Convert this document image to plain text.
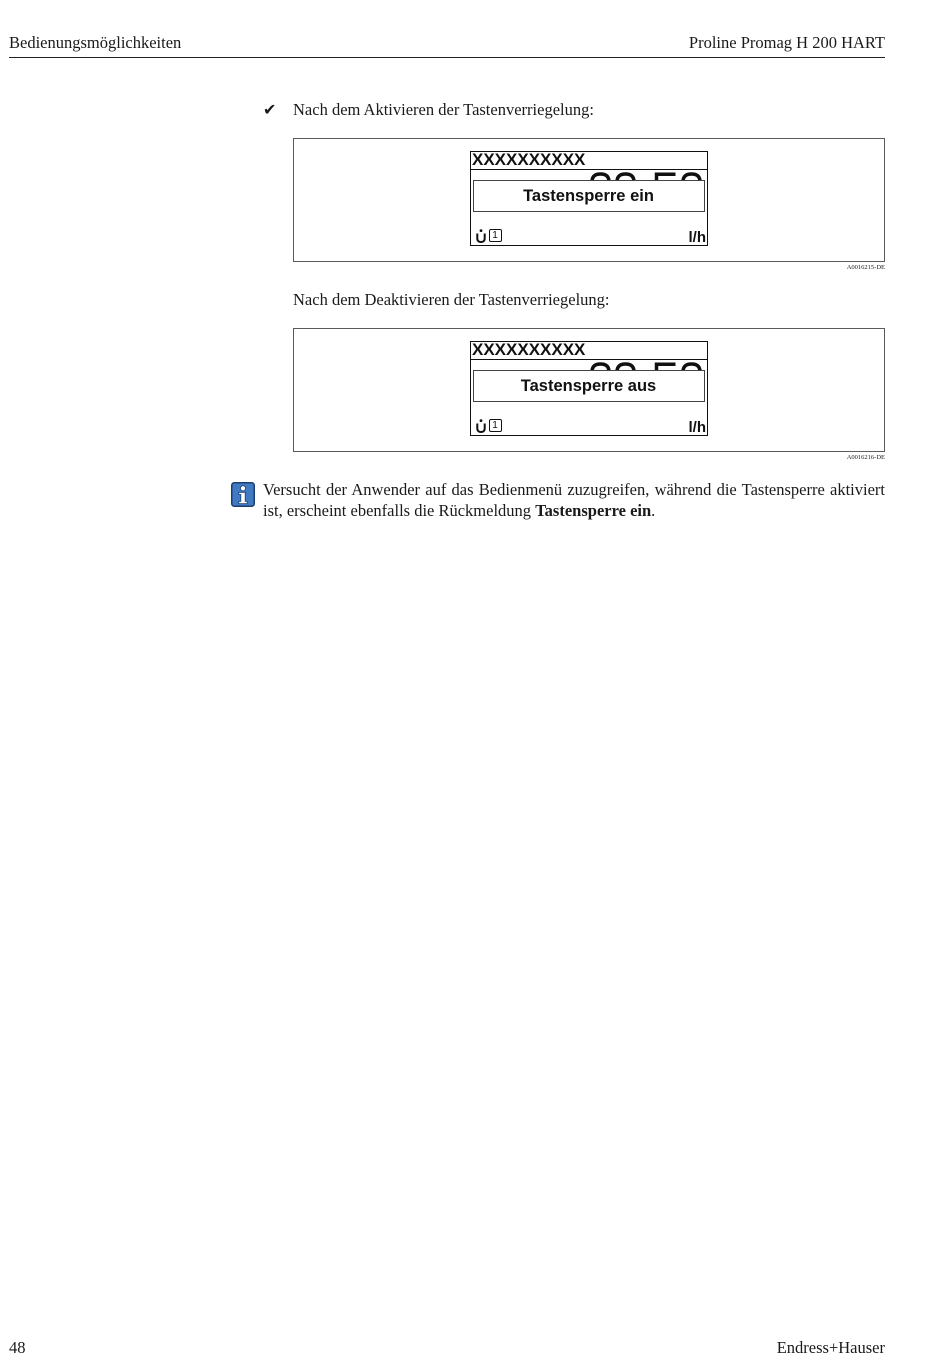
Bedienungsmöglichkeiten	Proline Promag H 200 HART
✔ Nach dem Aktivieren der Tastenverriegelung:
XXXXXXXXXX
Tastensperre ein
1	l/h
A0016215-DE
Nach dem Deaktivieren der Tastenverriegelung:
XXXXXXXXXX
Tastensperre aus
1	l/h
A0016216-DE
Versucht der Anwender auf das Bedienmenü zuzugreifen, während die Tastensperre aktiviert ist, erscheint ebenfalls die Rückmeldung Tastensperre ein.
48	Endress+Hauser
